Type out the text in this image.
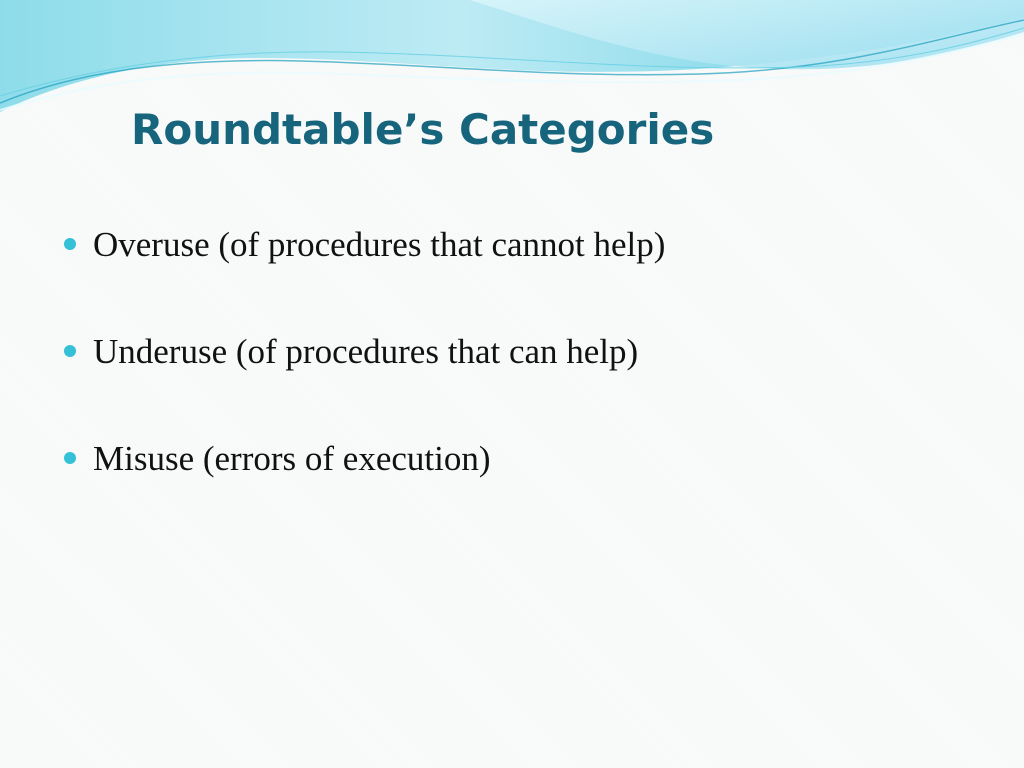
Roundtable’s Categories
Overuse (of procedures that cannot help)
Underuse (of procedures that can help)
Misuse (errors of execution)
